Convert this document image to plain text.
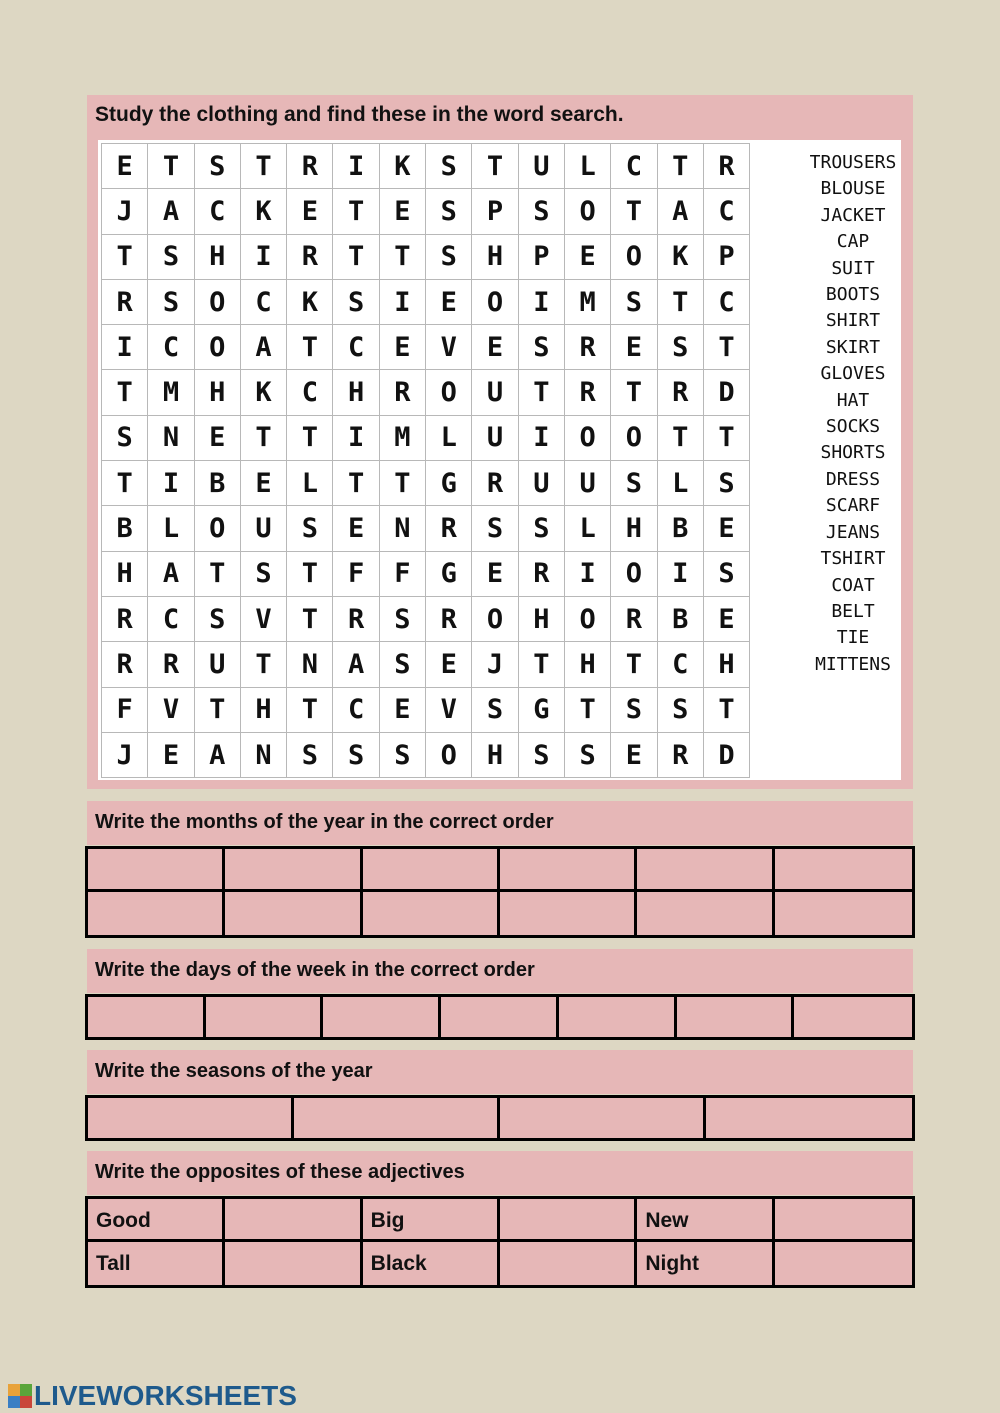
Study the clothing and find these in the word search.
E	T	S	T	R	I	K	S	T	U	L	C	T	R
J	A	C	K	E	T	E	S	P	S	O	T	A	C
T	S	H	I	R	T	T	S	H	P	E	O	K	P
R	S	O	C	K	S	I	E	O	I	M	S	T	C
I	C	O	A	T	C	E	V	E	S	R	E	S	T
T	M	H	K	C	H	R	O	U	T	R	T	R	D
S	N	E	T	T	I	M	L	U	I	O	O	T	T
T	I	B	E	L	T	T	G	R	U	U	S	L	S
B	L	O	U	S	E	N	R	S	S	L	H	B	E
H	A	T	S	T	F	F	G	E	R	I	O	I	S
R	C	S	V	T	R	S	R	O	H	O	R	B	E
R	R	U	T	N	A	S	E	J	T	H	T	C	H
F	V	T	H	T	C	E	V	S	G	T	S	S	T
J	E	A	N	S	S	S	O	H	S	S	E	R	D
TROUSERS
BLOUSE
JACKET
CAP
SUIT
BOOTS
SHIRT
SKIRT
GLOVES
HAT
SOCKS
SHORTS
DRESS
SCARF
JEANS
TSHIRT
COAT
BELT
TIE
MITTENS
Write the months of the year in the correct order
Write the days of the week in the correct order
Write the seasons of the year
Write the opposites of these adjectives
Good	Big	New
Tall	Black	Night
LIVEWORKSHEETS
